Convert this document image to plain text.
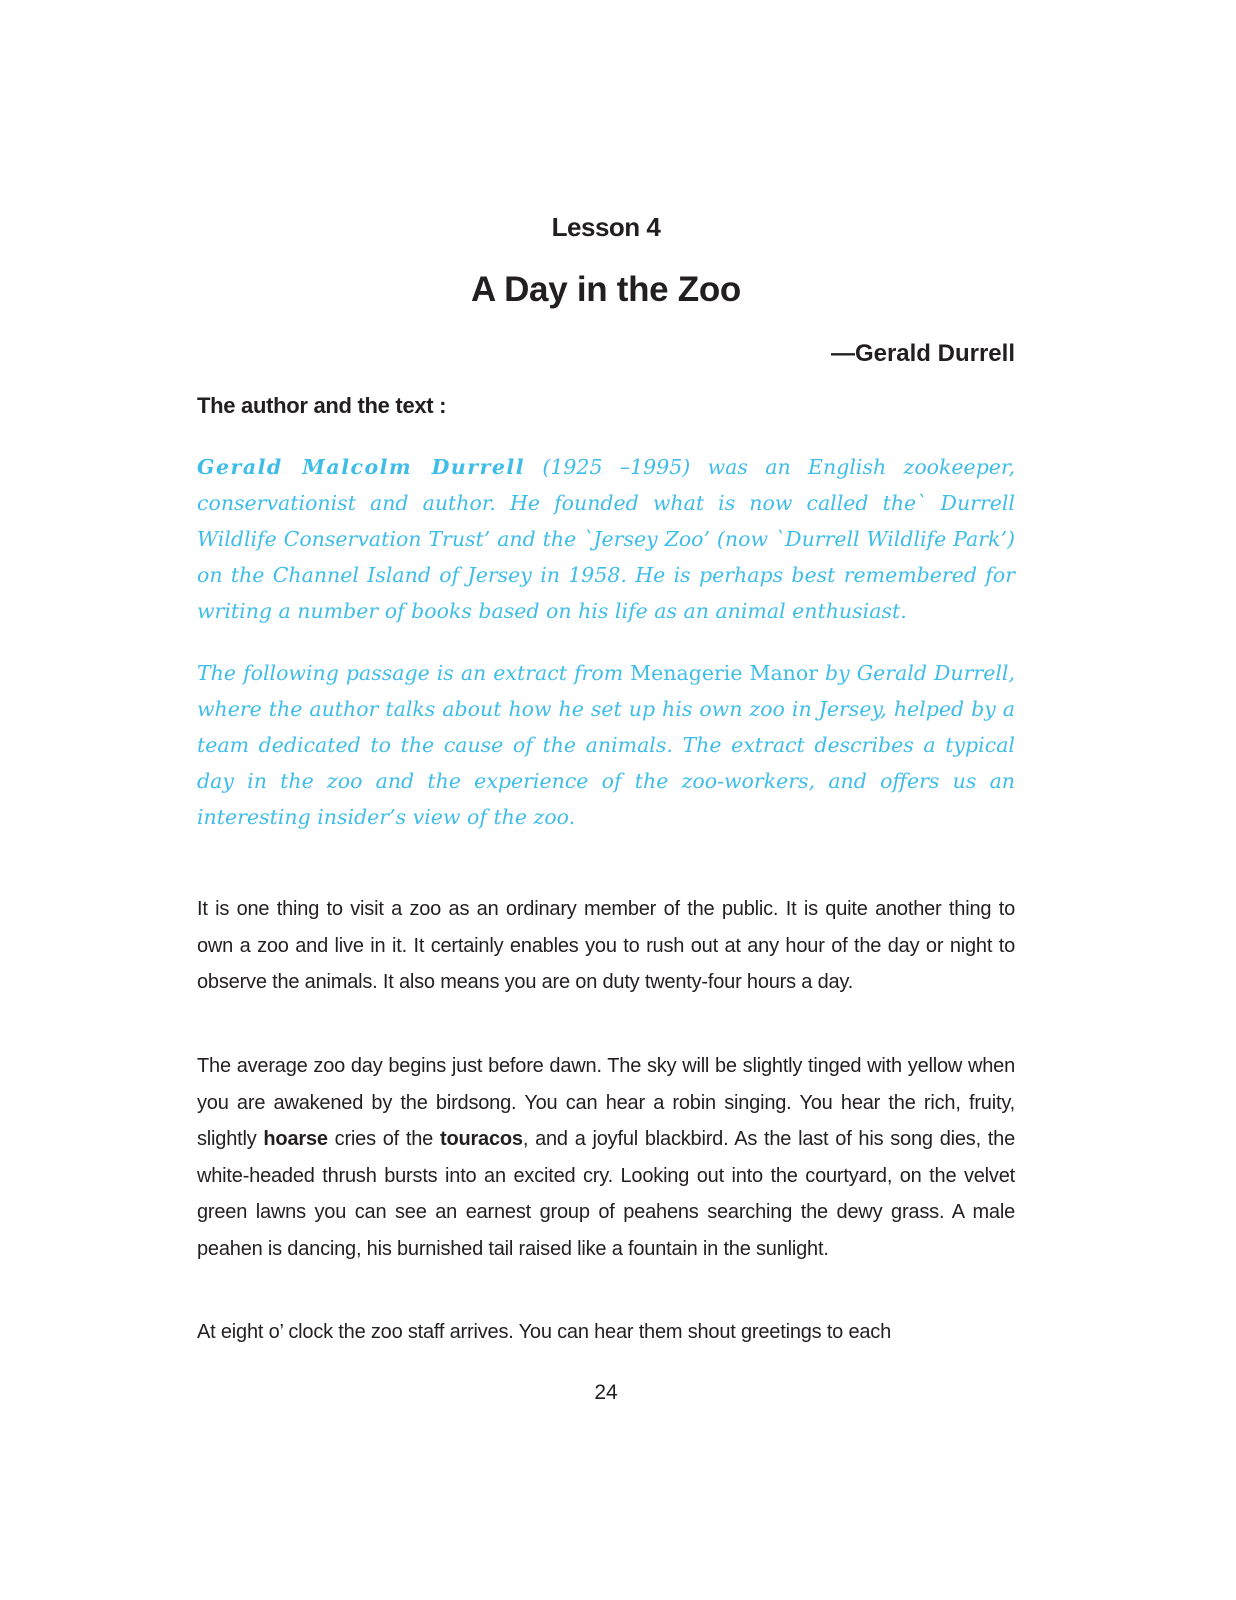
Lesson 4
A Day in the Zoo
—Gerald Durrell
The author and the text :

Gerald Malcolm Durrell (1925 –1995) was an English zookeeper, conservationist and author. He founded what is now called the` Durrell Wildlife Conservation Trust’ and the `Jersey Zoo’ (now `Durrell Wildlife Park’) on the Channel Island of Jersey in 1958. He is perhaps best remembered for writing a number of books based on his life as an animal enthusiast.

The following passage is an extract from Menagerie Manor by Gerald Durrell, where the author talks about how he set up his own zoo in Jersey, helped by a team dedicated to the cause of the animals. The extract describes a typical day in the zoo and the experience of the zoo-workers, and offers us an interesting insider’s view of the zoo.

It is one thing to visit a zoo as an ordinary member of the public. It is quite another thing to own a zoo and live in it. It certainly enables you to rush out at any hour of the day or night to observe the animals. It also means you are on duty twenty-four hours a day.

The average zoo day begins just before dawn. The sky will be slightly tinged with yellow when you are awakened by the birdsong. You can hear a robin singing. You hear the rich, fruity, slightly hoarse cries of the touracos, and a joyful blackbird. As the last of his song dies, the white-headed thrush bursts into an excited cry. Looking out into the courtyard, on the velvet green lawns you can see an earnest group of peahens searching the dewy grass. A male peahen is dancing, his burnished tail raised like a fountain in the sunlight.

At eight o’ clock the zoo staff arrives. You can hear them shout greetings to each

24
